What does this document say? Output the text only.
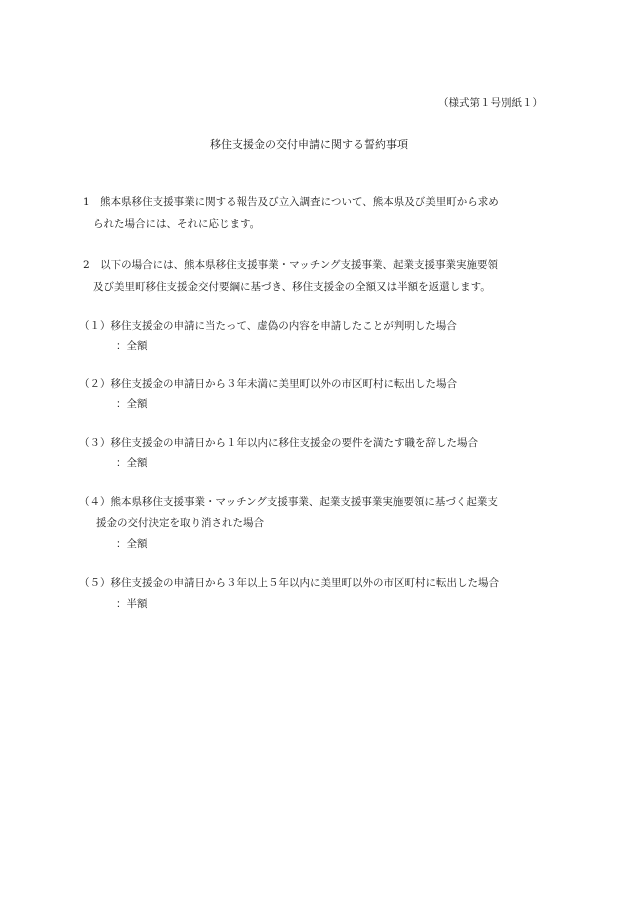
（様式第１号別紙１）
移住支援金の交付申請に関する誓約事項
1　熊本県移住支援事業に関する報告及び立入調査について、熊本県及び美里町から求め
られた場合には、それに応じます。
2　以下の場合には、熊本県移住支援事業・マッチング支援事業、起業支援事業実施要領
及び美里町移住支援金交付要綱に基づき、移住支援金の全額又は半額を返還します。
（１）移住支援金の申請に当たって、虚偽の内容を申請したことが判明した場合
：全額
（２）移住支援金の申請日から３年未満に美里町以外の市区町村に転出した場合
：全額
（３）移住支援金の申請日から１年以内に移住支援金の要件を満たす職を辞した場合
：全額
（４）熊本県移住支援事業・マッチング支援事業、起業支援事業実施要領に基づく起業支
援金の交付決定を取り消された場合
：全額
（５）移住支援金の申請日から３年以上５年以内に美里町以外の市区町村に転出した場合
：半額
